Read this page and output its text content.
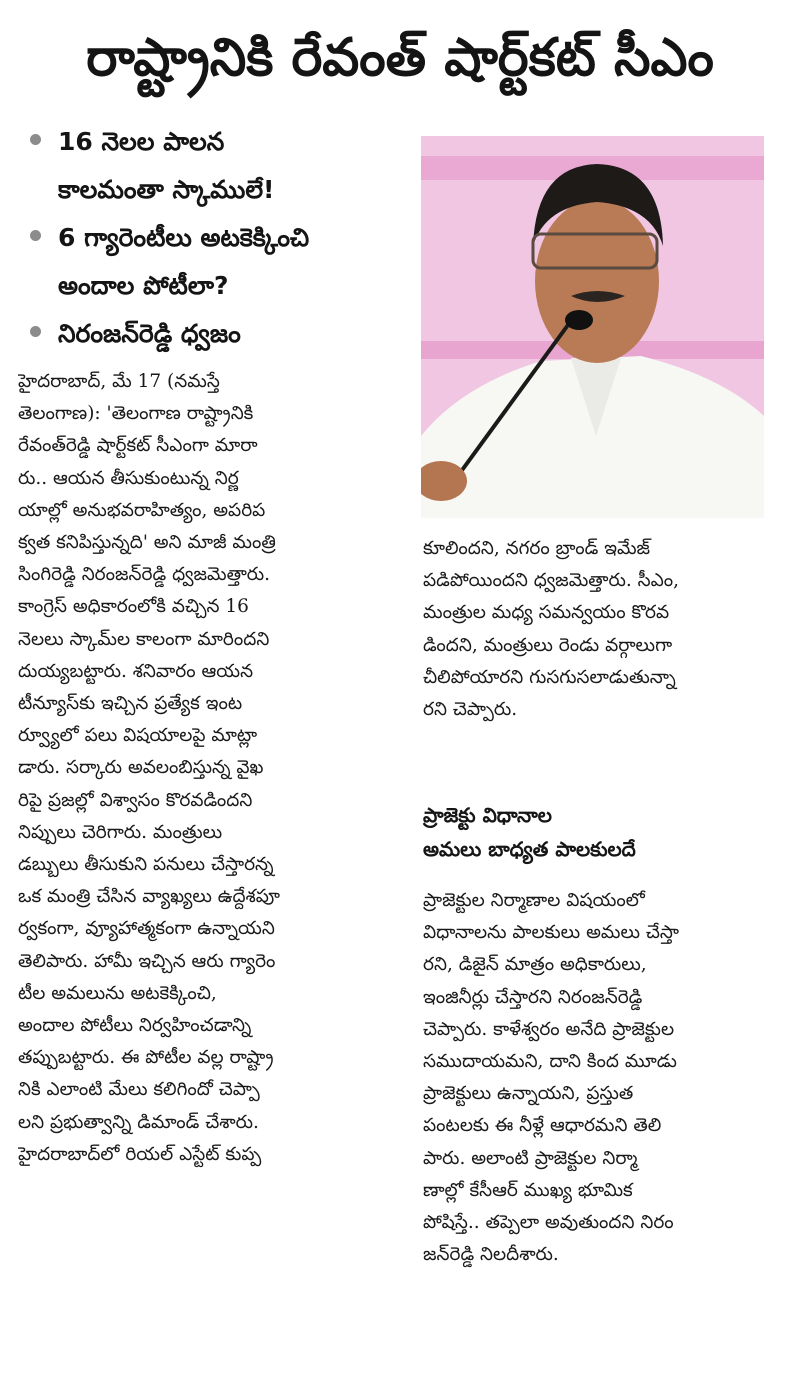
రాష్ట్రానికి రేవంత్ షార్ట్‌కట్ సీఎం
16 నెలల పాలన
కాలమంతా స్కాములే!
6 గ్యారెంటీలు అటకెక్కించి
అందాల పోటీలా?
నిరంజన్‌రెడ్డి ధ్వజం
హైదరాబాద్, మే 17 (నమస్తే
తెలంగాణ): 'తెలంగాణ రాష్ట్రానికి
రేవంత్‌రెడ్డి షార్ట్‌కట్ సీఎంగా మారా
రు.. ఆయన తీసుకుంటున్న నిర్ణ
యాల్లో అనుభవరాహిత్యం, అపరిప
క్వత కనిపిస్తున్నది' అని మాజీ మంత్రి
సింగిరెడ్డి నిరంజన్‌రెడ్డి ధ్వజమెత్తారు.
కాంగ్రెస్ అధికారంలోకి వచ్చిన 16
నెలలు స్కామ్‌ల కాలంగా మారిందని
దుయ్యబట్టారు. శనివారం ఆయన
టీన్యూస్‌కు ఇచ్చిన ప్రత్యేక ఇంట
ర్వ్యూలో పలు విషయాలపై మాట్లా
డారు. సర్కారు అవలంబిస్తున్న వైఖ
రిపై ప్రజల్లో విశ్వాసం కొరవడిందని
నిప్పులు చెరిగారు. మంత్రులు
డబ్బులు తీసుకుని పనులు చేస్తారన్న
ఒక మంత్రి చేసిన వ్యాఖ్యలు ఉద్దేశపూ
ర్వకంగా, వ్యూహాత్మకంగా ఉన్నాయని
తెలిపారు. హామీ ఇచ్చిన ఆరు గ్యారెం
టీల అమలును అటకెక్కించి,
అందాల పోటీలు నిర్వహించడాన్ని
తప్పుబట్టారు. ఈ పోటీల వల్ల రాష్ట్రా
నికి ఎలాంటి మేలు కలిగిందో చెప్పా
లని ప్రభుత్వాన్ని డిమాండ్ చేశారు.
హైదరాబాద్‌లో రియల్ ఎస్టేట్ కుప్ప
కూలిందని, నగరం బ్రాండ్ ఇమేజ్
పడిపోయిందని ధ్వజమెత్తారు. సీఎం,
మంత్రుల మధ్య సమన్వయం కొరవ
డిందని, మంత్రులు రెండు వర్గాలుగా
చీలిపోయారని గుసగుసలాడుతున్నా
రని చెప్పారు.
ప్రాజెక్టు విధానాల
అమలు బాధ్యత పాలకులదే
ప్రాజెక్టుల నిర్మాణాల విషయంలో
విధానాలను పాలకులు అమలు చేస్తా
రని, డిజైన్ మాత్రం అధికారులు,
ఇంజినీర్లు చేస్తారని నిరంజన్‌రెడ్డి
చెప్పారు. కాళేశ్వరం అనేది ప్రాజెక్టుల
సముదాయమని, దాని కింద మూడు
ప్రాజెక్టులు ఉన్నాయని, ప్రస్తుత
పంటలకు ఈ నీళ్లే ఆధారమని తెలి
పారు. అలాంటి ప్రాజెక్టుల నిర్మా
ణాల్లో కేసీఆర్ ముఖ్య భూమిక
పోషిస్తే.. తప్పెలా అవుతుందని నిరం
జన్‌రెడ్డి నిలదీశారు.
